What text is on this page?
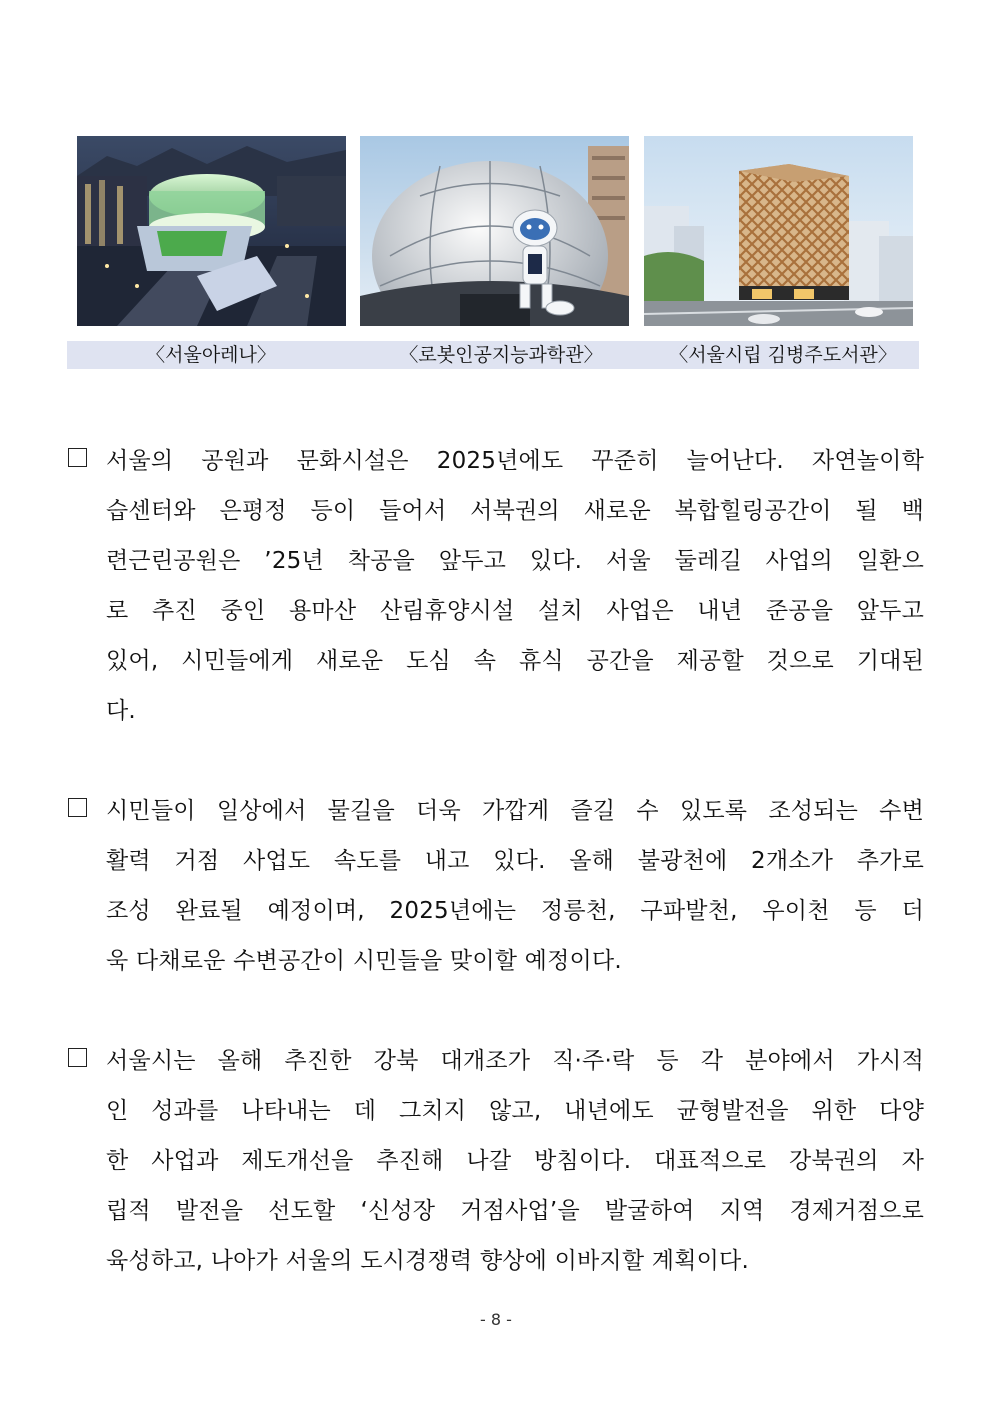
〈서울아레나〉	〈로봇인공지능과학관〉	〈서울시립 김병주도서관〉
서울의 공원과 문화시설은 2025년에도 꾸준히 늘어난다. 자연놀이학
습센터와 은평정 등이 들어서 서북권의 새로운 복합힐링공간이 될 백
련근린공원은 ’25년 착공을 앞두고 있다. 서울 둘레길 사업의 일환으
로 추진 중인 용마산 산림휴양시설 설치 사업은 내년 준공을 앞두고
있어, 시민들에게 새로운 도심 속 휴식 공간을 제공할 것으로 기대된
다.
시민들이 일상에서 물길을 더욱 가깝게 즐길 수 있도록 조성되는 수변
활력 거점 사업도 속도를 내고 있다. 올해 불광천에 2개소가 추가로
조성 완료될 예정이며, 2025년에는 정릉천, 구파발천, 우이천 등 더
욱 다채로운 수변공간이 시민들을 맞이할 예정이다.
서울시는 올해 추진한 강북 대개조가 직·주·락 등 각 분야에서 가시적
인 성과를 나타내는 데 그치지 않고, 내년에도 균형발전을 위한 다양
한 사업과 제도개선을 추진해 나갈 방침이다. 대표적으로 강북권의 자
립적 발전을 선도할 ‘신성장 거점사업’을 발굴하여 지역 경제거점으로
육성하고, 나아가 서울의 도시경쟁력 향상에 이바지할 계획이다.
- 8 -
